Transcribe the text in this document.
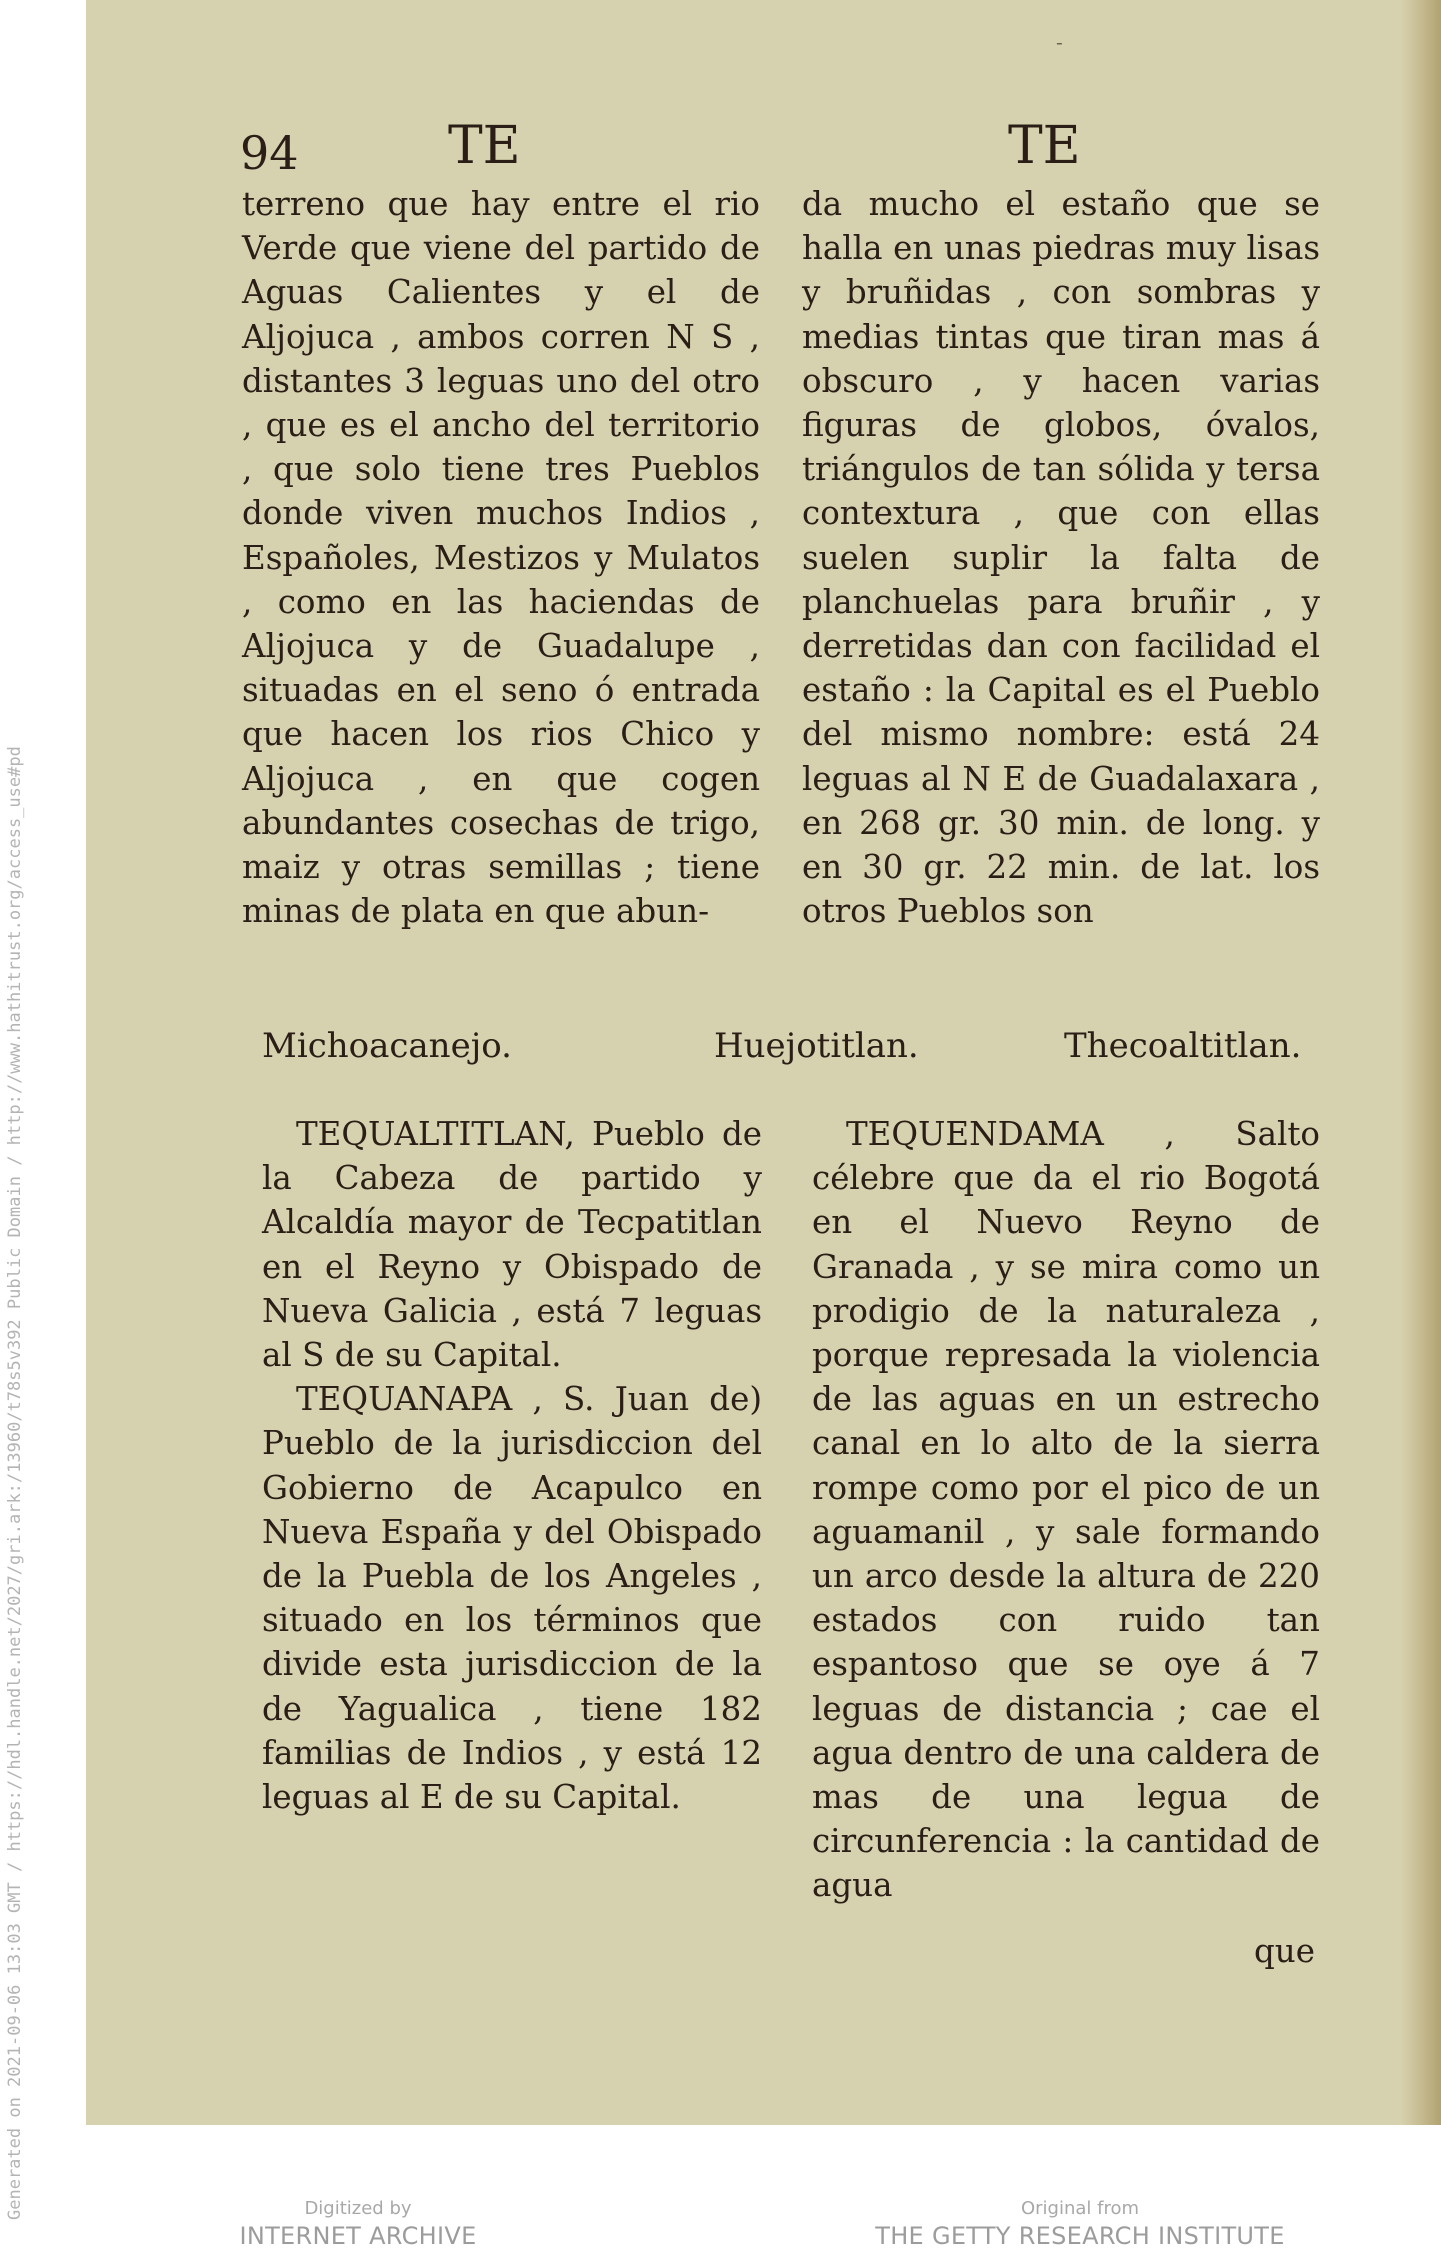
Generated on 2021-09-06 13:03 GMT / https://hdl.handle.net/2027/gri.ark:/13960/t78s5v392 Public Domain / http://www.hathitrust.org/access_use#pd
-
94	TE	TE

terreno que hay entre el rio Verde que viene del partido de Aguas Calientes y el de Aljojuca , ambos corren N S , distantes 3 leguas uno del otro , que es el ancho del territorio , que solo tiene tres Pueblos donde viven muchos Indios , Españoles, Mestizos y Mulatos , como en las haciendas de Aljojuca y de Guadalupe , situadas en el seno ó entrada que hacen los rios Chico y Aljojuca , en que cogen abundantes cosechas de trigo, maiz y otras semillas ; tiene minas de plata en que abun-

da mucho el estaño que se halla en unas piedras muy lisas y bruñidas , con sombras y medias tintas que tiran mas á obscuro , y hacen varias figuras de globos, óvalos, triángulos de tan sólida y tersa contextura , que con ellas suelen suplir la falta de planchuelas para bruñir , y derretidas dan con facilidad el estaño : la Capital es el Pueblo del mismo nombre: está 24 leguas al N E de Guadalaxara , en 268 gr. 30 min. de long. y en 30 gr. 22 min. de lat. los otros Pueblos son

Michoacanejo.	Huejotitlan.	Thecoaltitlan.

TEQUALTITLAN, Pueblo de la Cabeza de partido y Alcaldía mayor de Tecpatitlan en el Reyno y Obispado de Nueva Galicia , está 7 leguas al S de su Capital.

TEQUANAPA , S. Juan de) Pueblo de la jurisdiccion del Gobierno de Acapulco en Nueva España y del Obispado de la Puebla de los Angeles , situado en los términos que divide esta jurisdiccion de la de Yagualica , tiene 182 familias de Indios , y está 12 leguas al E de su Capital.

TEQUENDAMA , Salto célebre que da el rio Bogotá en el Nuevo Reyno de Granada , y se mira como un prodigio de la naturaleza , porque represada la violencia de las aguas en un estrecho canal en lo alto de la sierra rompe como por el pico de un aguamanil , y sale formando un arco desde la altura de 220 estados con ruido tan espantoso que se oye á 7 leguas de distancia ; cae el agua dentro de una caldera de mas de una legua de circunferencia : la cantidad de agua

que
Digitized by
INTERNET ARCHIVE
Original from
THE GETTY RESEARCH INSTITUTE
